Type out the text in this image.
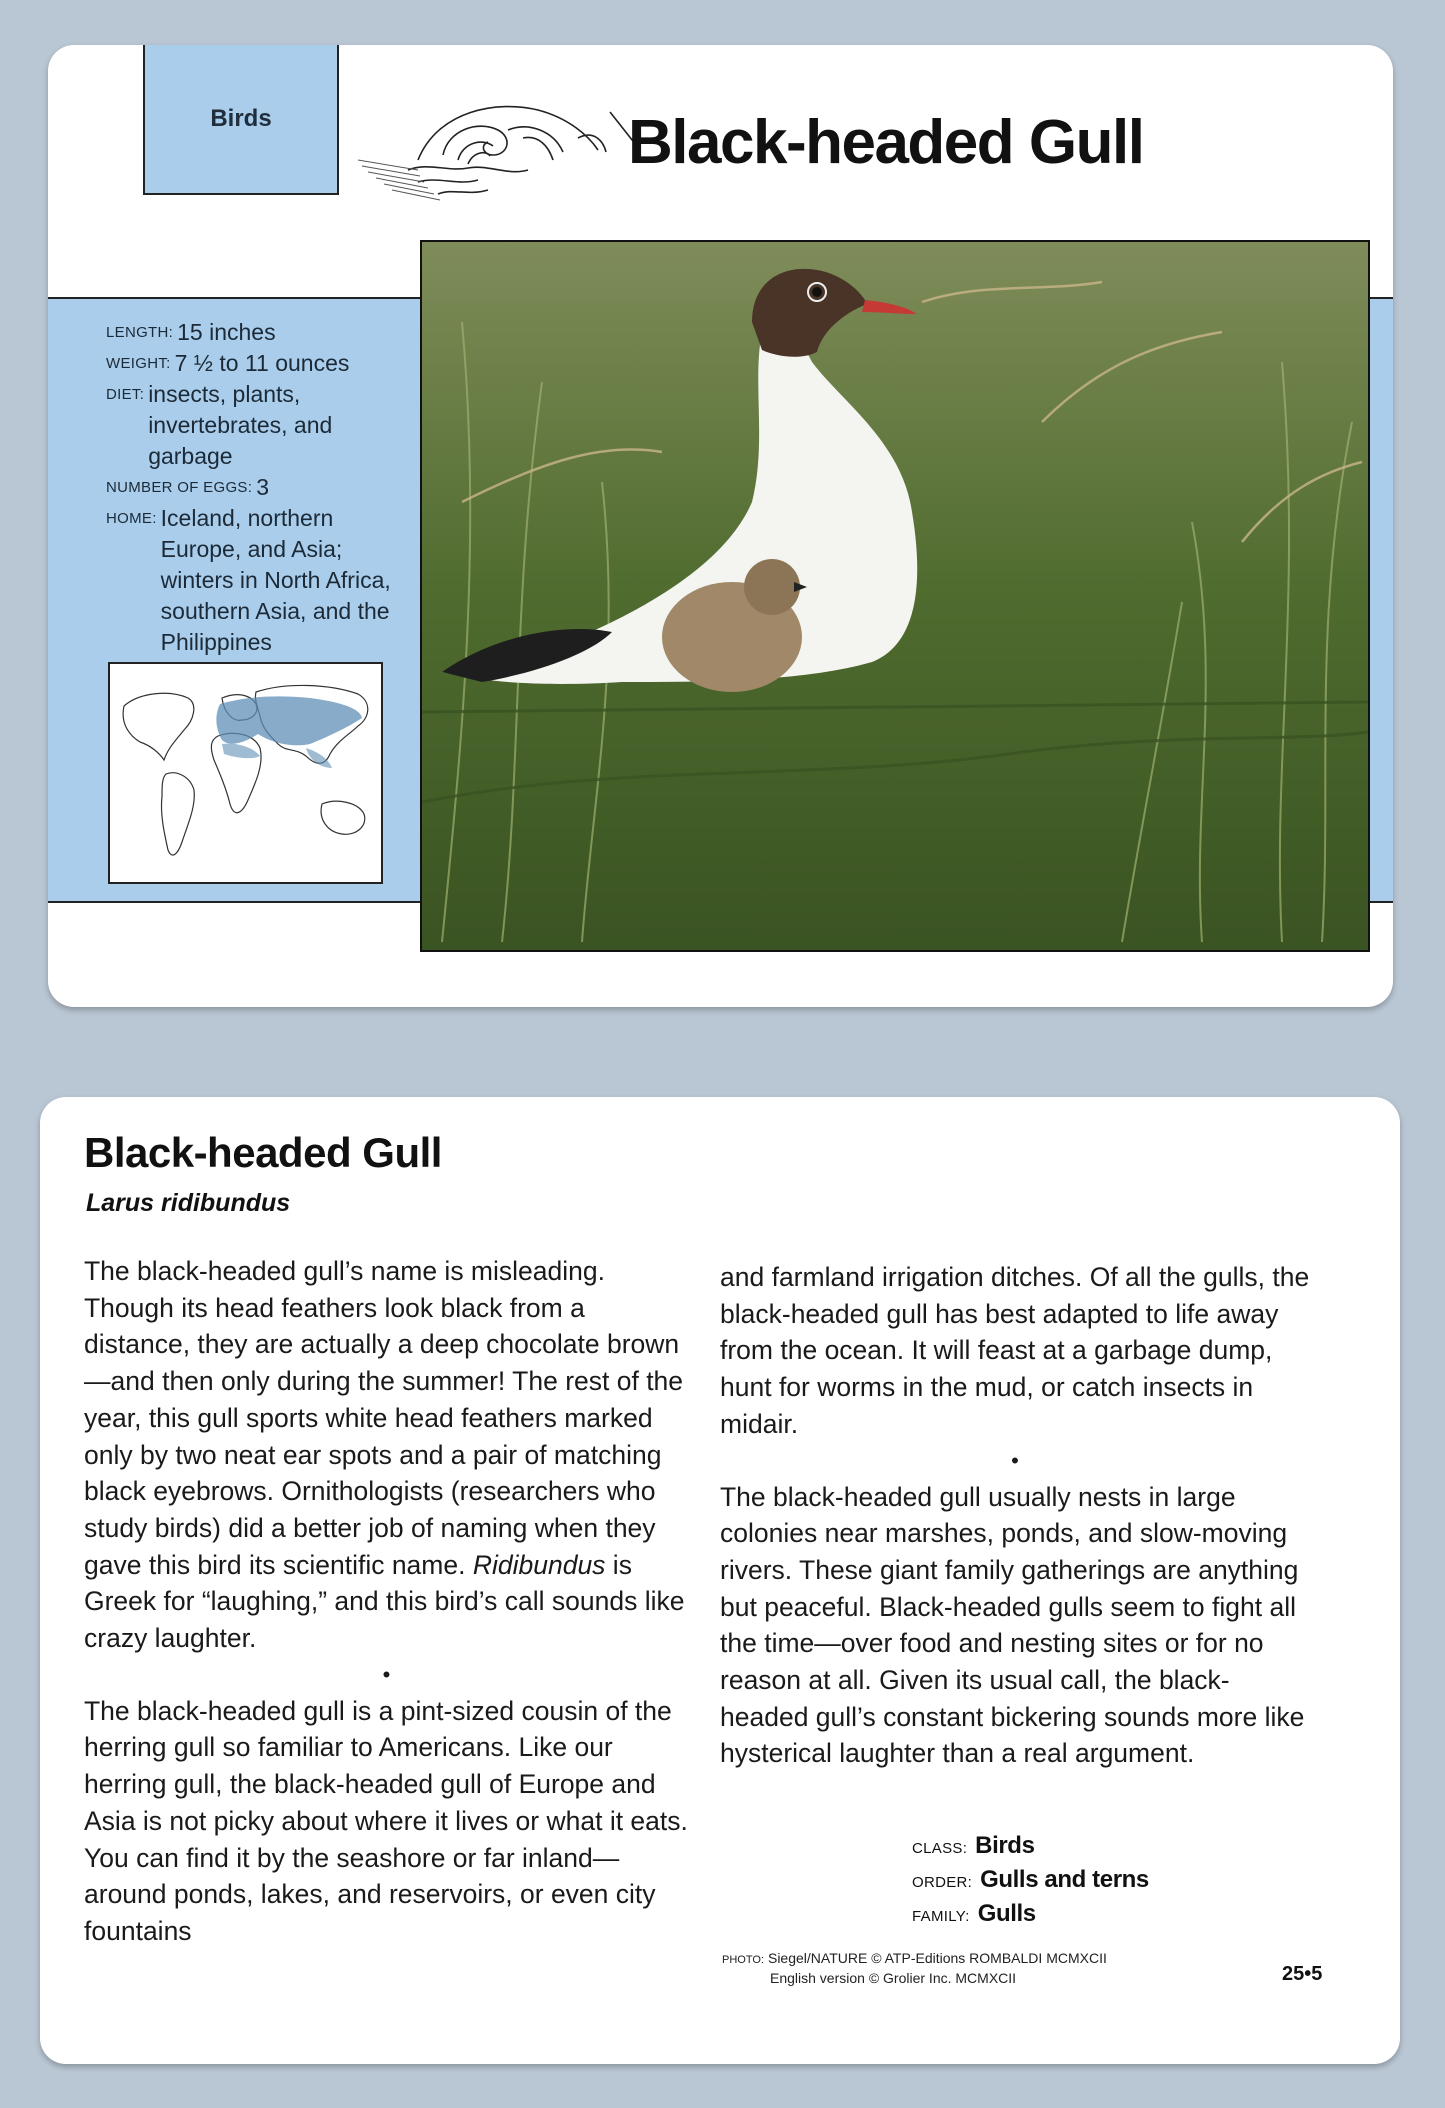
Birds	Black-headed Gull
LENGTH: 15 inches
WEIGHT: 7 ½ to 11 ounces
DIET: insects, plants, invertebrates, and garbage
NUMBER OF EGGS: 3
HOME: Iceland, northern Europe, and Asia; winters in North Africa, southern Asia, and the Philippines
Black-headed Gull
Larus ridibundus

The black-headed gull’s name is misleading. Though its head feathers look black from a distance, they are actually a deep chocolate brown—and then only during the summer! The rest of the year, this gull sports white head feathers marked only by two neat ear spots and a pair of matching black eyebrows. Ornithologists (researchers who study birds) did a better job of naming when they gave this bird its scientific name. Ridibundus is Greek for “laughing,” and this bird’s call sounds like crazy laughter.

•

The black-headed gull is a pint-sized cousin of the herring gull so familiar to Americans. Like our herring gull, the black-headed gull of Europe and Asia is not picky about where it lives or what it eats. You can find it by the seashore or far inland—around ponds, lakes, and reservoirs, or even city fountains

and farmland irrigation ditches. Of all the gulls, the black-headed gull has best adapted to life away from the ocean. It will feast at a garbage dump, hunt for worms in the mud, or catch insects in midair.

•

The black-headed gull usually nests in large colonies near marshes, ponds, and slow-moving rivers. These giant family gatherings are anything but peaceful. Black-headed gulls seem to fight all the time—over food and nesting sites or for no reason at all. Given its usual call, the black-headed gull’s constant bickering sounds more like hysterical laughter than a real argument.

CLASS: Birds
ORDER: Gulls and terns
FAMILY: Gulls
PHOTO: Siegel/NATURE © ATP-Editions ROMBALDI MCMXCII
English version © Grolier Inc. MCMXCII	25•5
